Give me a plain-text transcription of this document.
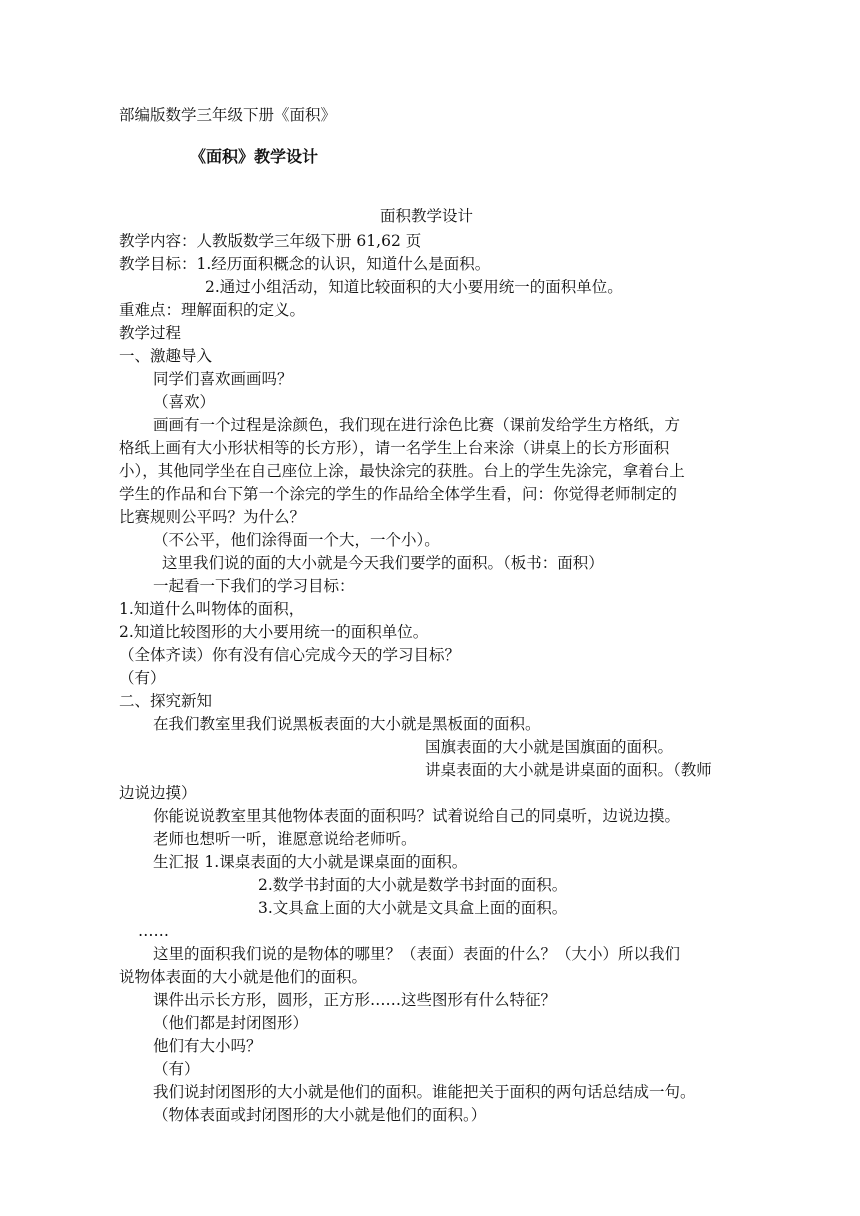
部编版数学三年级下册《面积》
《面积》教学设计
面积教学设计
教学内容：人教版数学三年级下册 61,62 页
教学目标：1.经历面积概念的认识，知道什么是面积。
2.通过小组活动，知道比较面积的大小要用统一的面积单位。
重难点：理解面积的定义。
教学过程
一、激趣导入
同学们喜欢画画吗？
（喜欢）
画画有一个过程是涂颜色，我们现在进行涂色比赛（课前发给学生方格纸，方
格纸上画有大小形状相等的长方形），请一名学生上台来涂（讲桌上的长方形面积
小），其他同学坐在自己座位上涂，最快涂完的获胜。台上的学生先涂完，拿着台上
学生的作品和台下第一个涂完的学生的作品给全体学生看，问：你觉得老师制定的
比赛规则公平吗？为什么？
（不公平，他们涂得面一个大，一个小）。
这里我们说的面的大小就是今天我们要学的面积。（板书：面积）
一起看一下我们的学习目标：
1.知道什么叫物体的面积，
2.知道比较图形的大小要用统一的面积单位。
（全体齐读）你有没有信心完成今天的学习目标？
（有）
二、探究新知
在我们教室里我们说黑板表面的大小就是黑板面的面积。
国旗表面的大小就是国旗面的面积。
讲桌表面的大小就是讲桌面的面积。（教师
边说边摸）
你能说说教室里其他物体表面的面积吗？试着说给自己的同桌听，边说边摸。
老师也想听一听，谁愿意说给老师听。
生汇报 1.课桌表面的大小就是课桌面的面积。
2.数学书封面的大小就是数学书封面的面积。
3.文具盒上面的大小就是文具盒上面的面积。
……
这里的面积我们说的是物体的哪里？（表面）表面的什么？（大小）所以我们
说物体表面的大小就是他们的面积。
课件出示长方形，圆形，正方形……这些图形有什么特征？
（他们都是封闭图形）
他们有大小吗？
（有）
我们说封闭图形的大小就是他们的面积。谁能把关于面积的两句话总结成一句。
（物体表面或封闭图形的大小就是他们的面积。）
